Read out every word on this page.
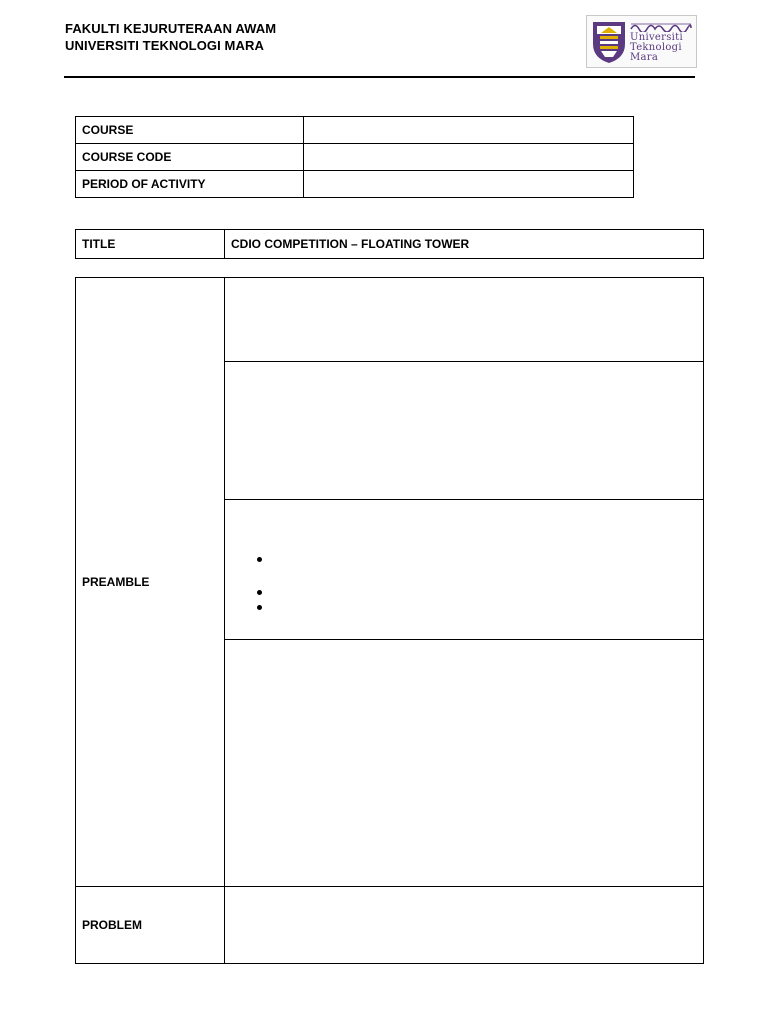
FAKULTI KEJURUTERAAN AWAM
UNIVERSITI TEKNOLOGI MARA
Universiti
Teknologi
Mara
COURSE	
COURSE CODE	
PERIOD OF ACTIVITY	
TITLE	CDIO COMPETITION – FLOATING TOWER
PREAMBLE	

PROBLEM	
